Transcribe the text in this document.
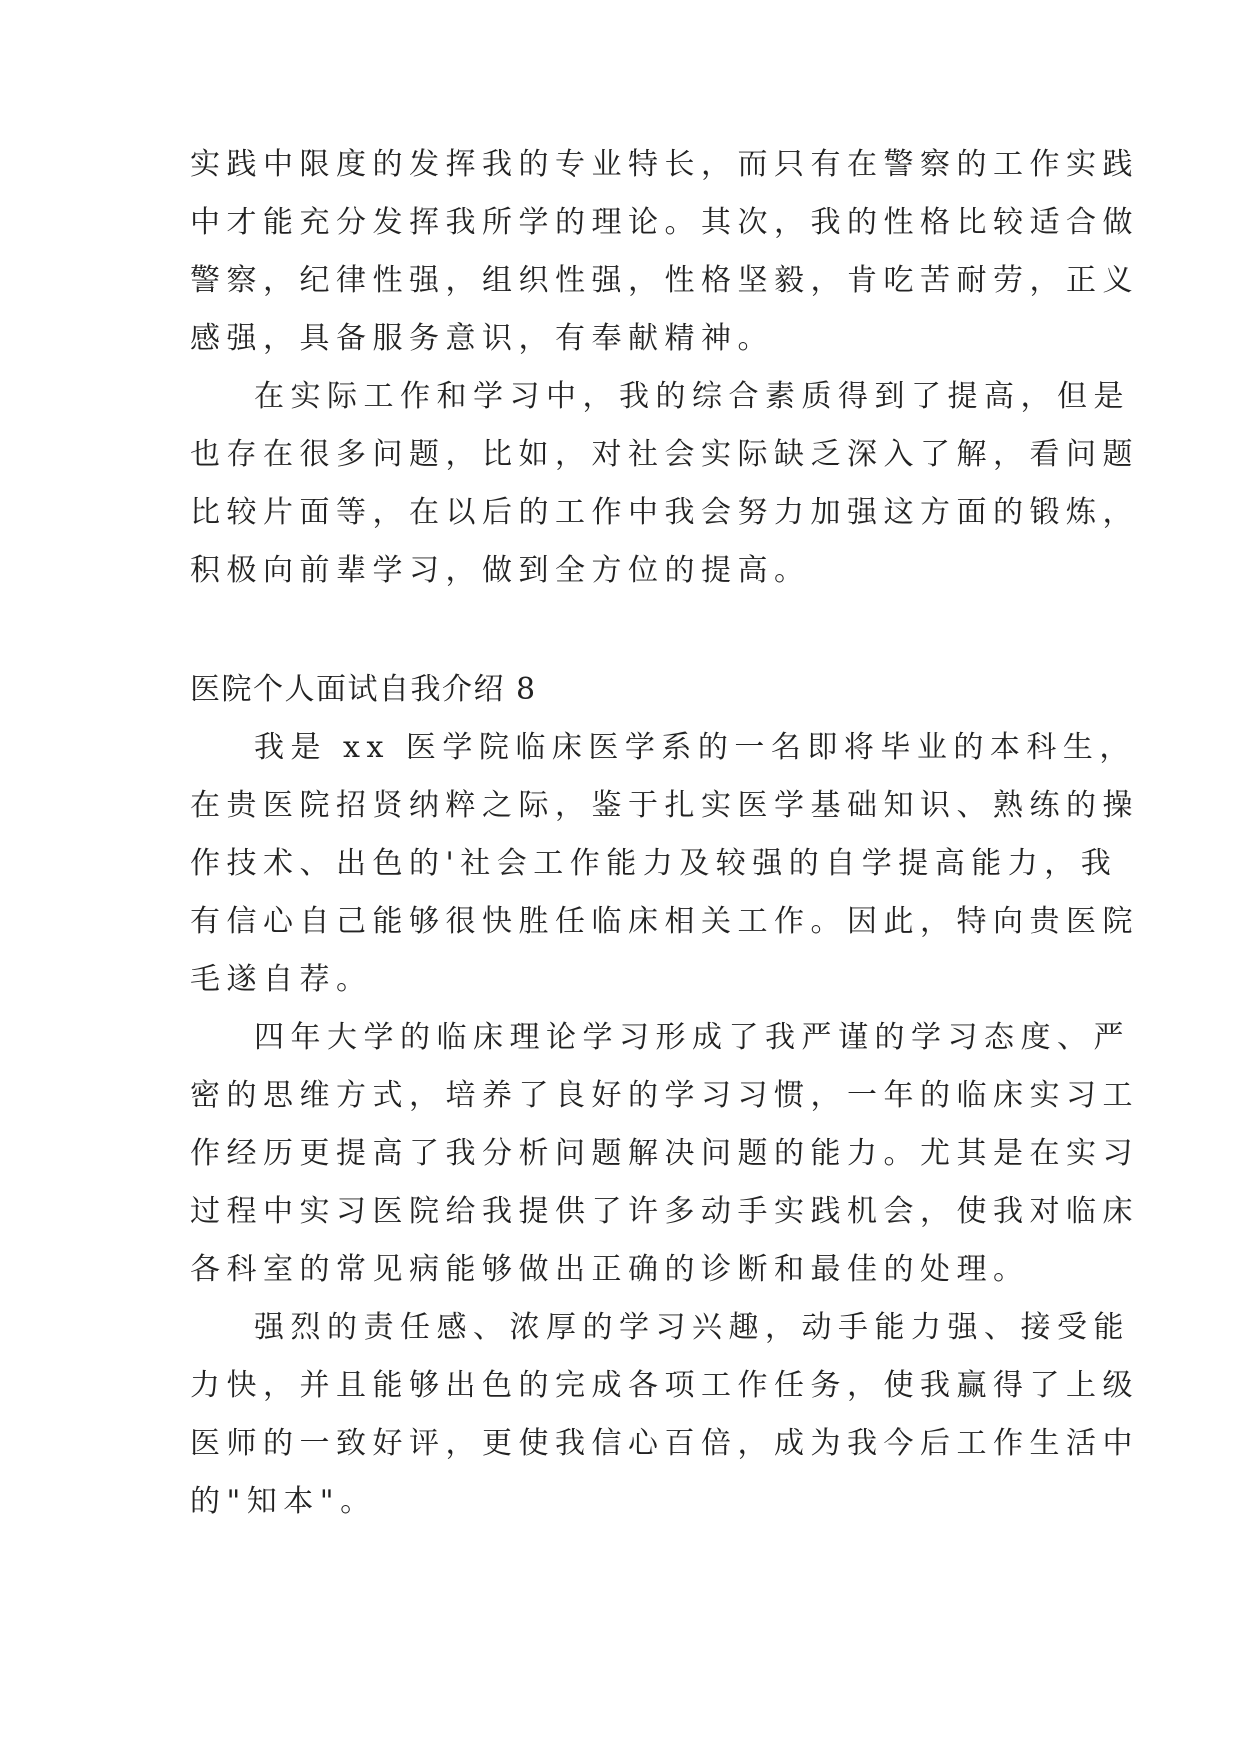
实践中限度的发挥我的专业特长，而只有在警察的工作实践
中才能充分发挥我所学的理论。其次，我的性格比较适合做
警察，纪律性强，组织性强，性格坚毅，肯吃苦耐劳，正义
感强，具备服务意识，有奉献精神。
在实际工作和学习中，我的综合素质得到了提高，但是
也存在很多问题，比如，对社会实际缺乏深入了解，看问题
比较片面等，在以后的工作中我会努力加强这方面的锻炼，
积极向前辈学习，做到全方位的提高。
医院个人面试自我介绍 8
我是 xx 医学院临床医学系的一名即将毕业的本科生，
在贵医院招贤纳粹之际，鉴于扎实医学基础知识、熟练的操
作技术、出色的'社会工作能力及较强的自学提高能力，我
有信心自己能够很快胜任临床相关工作。因此，特向贵医院
毛遂自荐。
四年大学的临床理论学习形成了我严谨的学习态度、严
密的思维方式，培养了良好的学习习惯，一年的临床实习工
作经历更提高了我分析问题解决问题的能力。尤其是在实习
过程中实习医院给我提供了许多动手实践机会，使我对临床
各科室的常见病能够做出正确的诊断和最佳的处理。
强烈的责任感、浓厚的学习兴趣，动手能力强、接受能
力快，并且能够出色的完成各项工作任务，使我赢得了上级
医师的一致好评，更使我信心百倍，成为我今后工作生活中
的"知本"。
